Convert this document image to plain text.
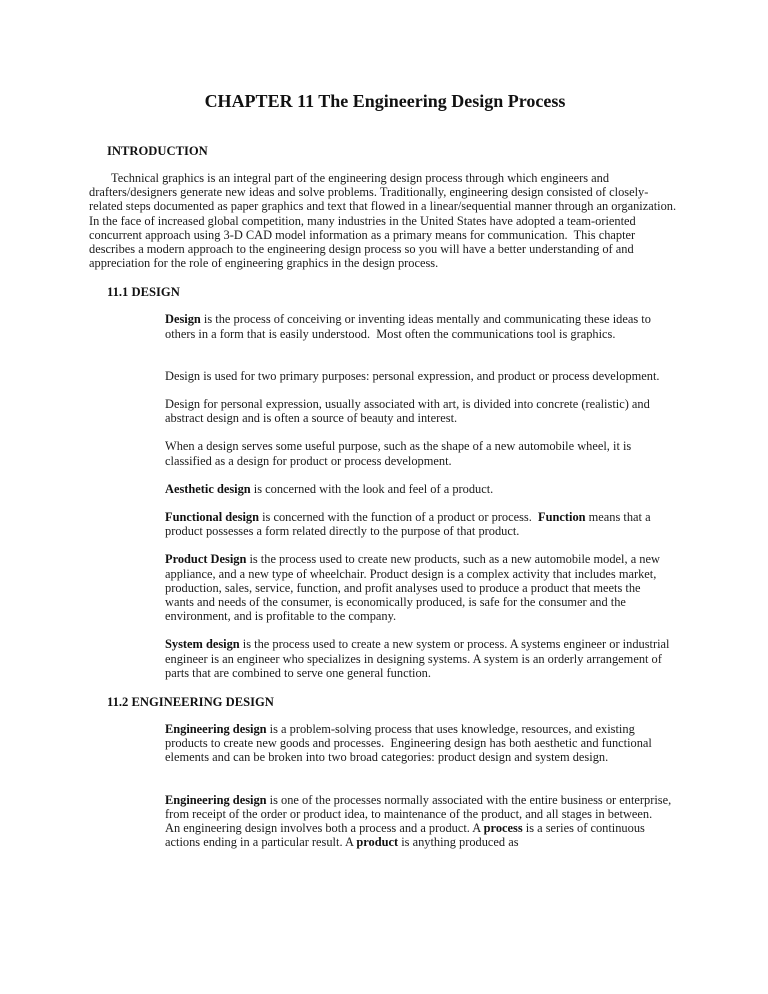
CHAPTER 11 The Engineering Design Process

INTRODUCTION

Technical graphics is an integral part of the engineering design process through which engineers and drafters/designers generate new ideas and solve problems. Traditionally, engineering design consisted of closely-related steps documented as paper graphics and text that flowed in a linear/sequential manner through an organization. In the face of increased global competition, many industries in the United States have adopted a team-oriented concurrent approach using 3-D CAD model information as a primary means for communication.  This chapter describes a modern approach to the engineering design process so you will have a better understanding of and appreciation for the role of engineering graphics in the design process.

11.1 DESIGN

Design is the process of conceiving or inventing ideas mentally and communicating these ideas to others in a form that is easily understood.  Most often the communications tool is graphics.

Design is used for two primary purposes: personal expression, and product or process development.

Design for personal expression, usually associated with art, is divided into concrete (realistic) and abstract design and is often a source of beauty and interest.

When a design serves some useful purpose, such as the shape of a new automobile wheel, it is classified as a design for product or process development.

Aesthetic design is concerned with the look and feel of a product.

Functional design is concerned with the function of a product or process.  Function means that a product possesses a form related directly to the purpose of that product.

Product Design is the process used to create new products, such as a new automobile model, a new appliance, and a new type of wheelchair. Product design is a complex activity that includes market, production, sales, service, function, and profit analyses used to produce a product that meets the wants and needs of the consumer, is economically produced, is safe for the consumer and the environment, and is profitable to the company.

System design is the process used to create a new system or process. A systems engineer or industrial engineer is an engineer who specializes in designing systems. A system is an orderly arrangement of parts that are combined to serve one general function.

11.2 ENGINEERING DESIGN

Engineering design is a problem-solving process that uses knowledge, resources, and existing products to create new goods and processes.  Engineering design has both aesthetic and functional elements and can be broken into two broad categories: product design and system design.

Engineering design is one of the processes normally associated with the entire business or enterprise, from receipt of the order or product idea, to maintenance of the product, and all stages in between.  An engineering design involves both a process and a product. A process is a series of continuous actions ending in a particular result. A product is anything produced as
